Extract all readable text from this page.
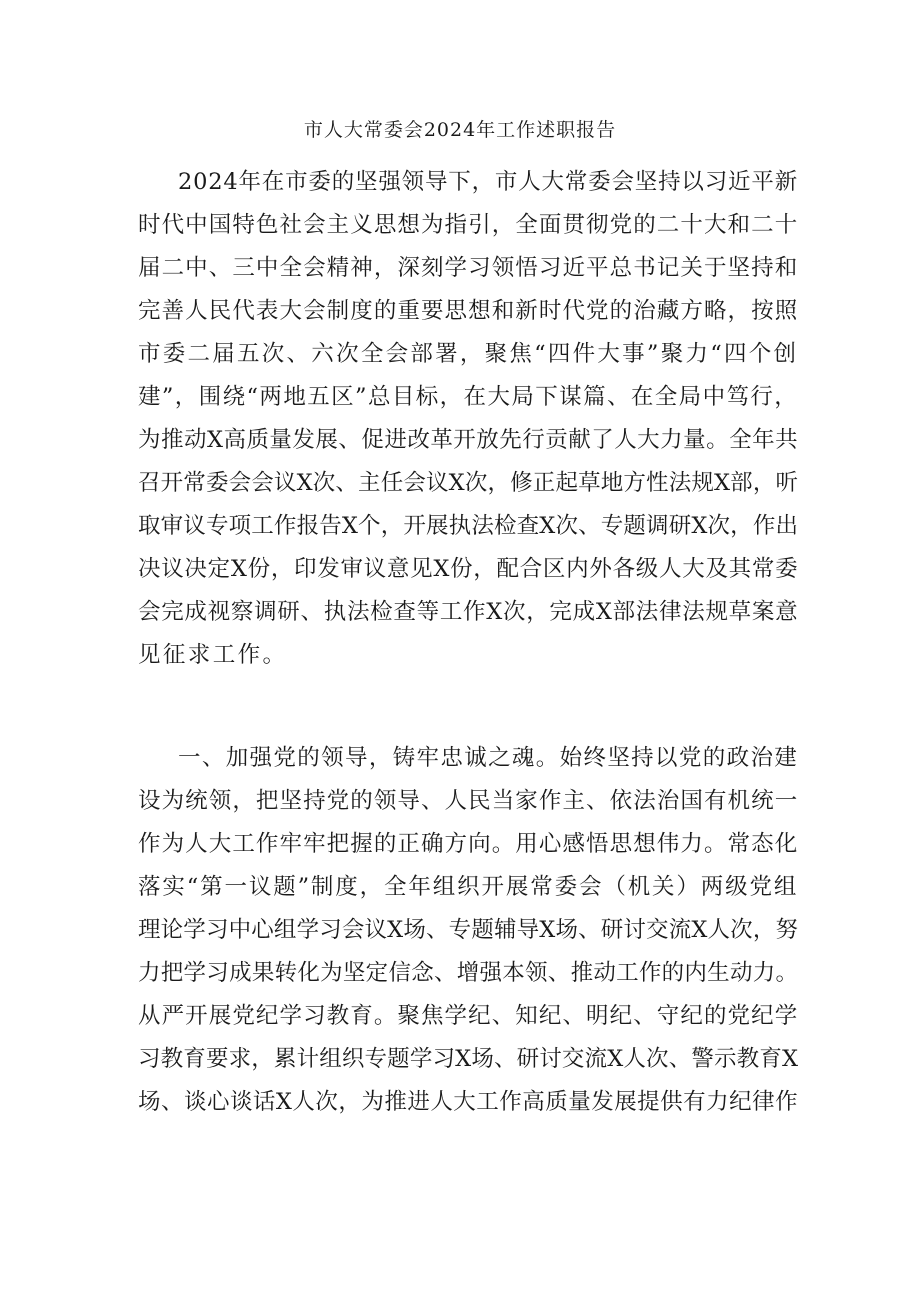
市人大常委会2024年工作述职报告
2024年在市委的坚强领导下，市人大常委会坚持以习近平新
时代中国特色社会主义思想为指引，全面贯彻党的二十大和二十
届二中、三中全会精神，深刻学习领悟习近平总书记关于坚持和
完善人民代表大会制度的重要思想和新时代党的治藏方略，按照
市委二届五次、六次全会部署，聚焦“四件大事”聚力“四个创
建”，围绕“两地五区”总目标，在大局下谋篇、在全局中笃行，
为推动X高质量发展、促进改革开放先行贡献了人大力量。全年共
召开常委会会议X次、主任会议X次，修正起草地方性法规X部，听
取审议专项工作报告X个，开展执法检查X次、专题调研X次，作出
决议决定X份，印发审议意见X份，配合区内外各级人大及其常委
会完成视察调研、执法检查等工作X次，完成X部法律法规草案意
见征求工作。
一、加强党的领导，铸牢忠诚之魂。始终坚持以党的政治建
设为统领，把坚持党的领导、人民当家作主、依法治国有机统一
作为人大工作牢牢把握的正确方向。用心感悟思想伟力。常态化
落实“第一议题”制度，全年组织开展常委会（机关）两级党组
理论学习中心组学习会议X场、专题辅导X场、研讨交流X人次，努
力把学习成果转化为坚定信念、增强本领、推动工作的内生动力。
从严开展党纪学习教育。聚焦学纪、知纪、明纪、守纪的党纪学
习教育要求，累计组织专题学习X场、研讨交流X人次、警示教育X
场、谈心谈话X人次，为推进人大工作高质量发展提供有力纪律作
